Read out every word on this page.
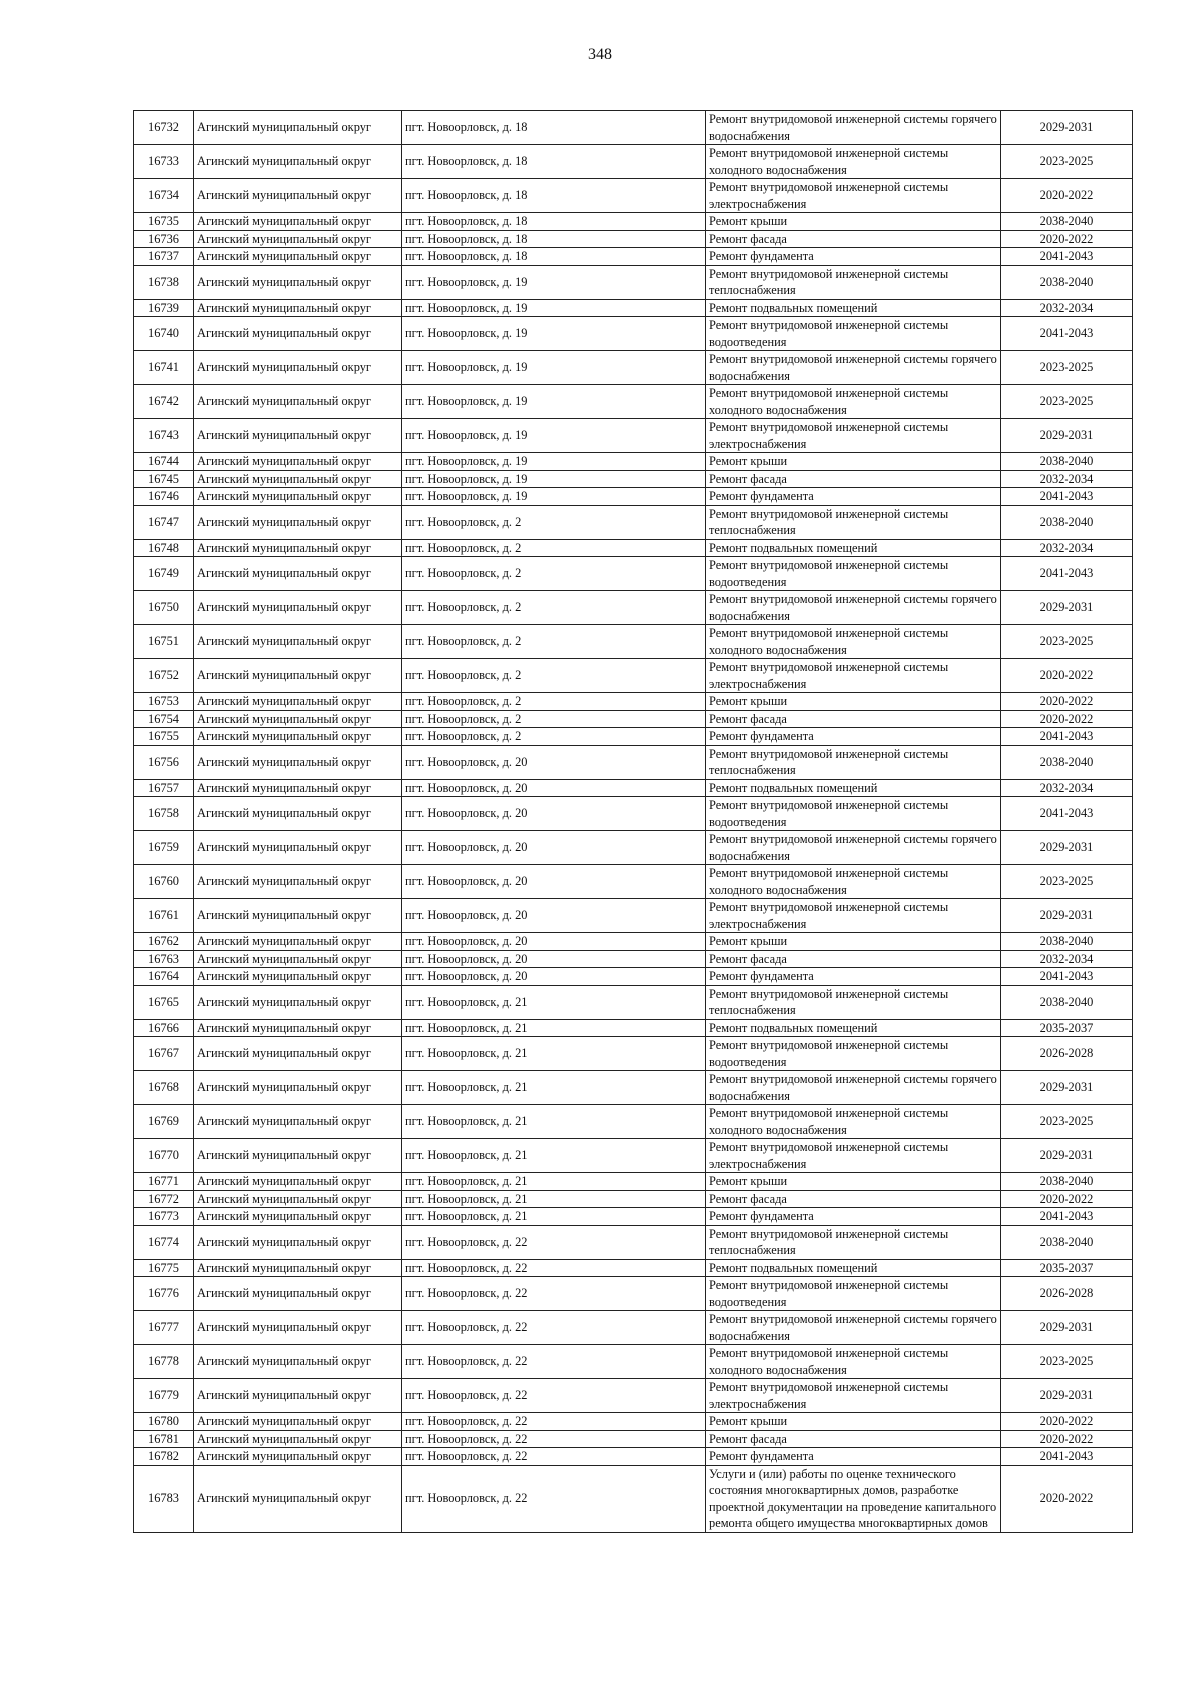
348
16732	Агинский муниципальный округ	пгт. Новоорловск, д. 18	Ремонт внутридомовой инженерной системы горячего водоснабжения	2029-2031
16733	Агинский муниципальный округ	пгт. Новоорловск, д. 18	Ремонт внутридомовой инженерной системы холодного водоснабжения	2023-2025
16734	Агинский муниципальный округ	пгт. Новоорловск, д. 18	Ремонт внутридомовой инженерной системы электроснабжения	2020-2022
16735	Агинский муниципальный округ	пгт. Новоорловск, д. 18	Ремонт крыши	2038-2040
16736	Агинский муниципальный округ	пгт. Новоорловск, д. 18	Ремонт фасада	2020-2022
16737	Агинский муниципальный округ	пгт. Новоорловск, д. 18	Ремонт фундамента	2041-2043
16738	Агинский муниципальный округ	пгт. Новоорловск, д. 19	Ремонт внутридомовой инженерной системы теплоснабжения	2038-2040
16739	Агинский муниципальный округ	пгт. Новоорловск, д. 19	Ремонт подвальных помещений	2032-2034
16740	Агинский муниципальный округ	пгт. Новоорловск, д. 19	Ремонт внутридомовой инженерной системы водоотведения	2041-2043
16741	Агинский муниципальный округ	пгт. Новоорловск, д. 19	Ремонт внутридомовой инженерной системы горячего водоснабжения	2023-2025
16742	Агинский муниципальный округ	пгт. Новоорловск, д. 19	Ремонт внутридомовой инженерной системы холодного водоснабжения	2023-2025
16743	Агинский муниципальный округ	пгт. Новоорловск, д. 19	Ремонт внутридомовой инженерной системы электроснабжения	2029-2031
16744	Агинский муниципальный округ	пгт. Новоорловск, д. 19	Ремонт крыши	2038-2040
16745	Агинский муниципальный округ	пгт. Новоорловск, д. 19	Ремонт фасада	2032-2034
16746	Агинский муниципальный округ	пгт. Новоорловск, д. 19	Ремонт фундамента	2041-2043
16747	Агинский муниципальный округ	пгт. Новоорловск, д. 2	Ремонт внутридомовой инженерной системы теплоснабжения	2038-2040
16748	Агинский муниципальный округ	пгт. Новоорловск, д. 2	Ремонт подвальных помещений	2032-2034
16749	Агинский муниципальный округ	пгт. Новоорловск, д. 2	Ремонт внутридомовой инженерной системы водоотведения	2041-2043
16750	Агинский муниципальный округ	пгт. Новоорловск, д. 2	Ремонт внутридомовой инженерной системы горячего водоснабжения	2029-2031
16751	Агинский муниципальный округ	пгт. Новоорловск, д. 2	Ремонт внутридомовой инженерной системы холодного водоснабжения	2023-2025
16752	Агинский муниципальный округ	пгт. Новоорловск, д. 2	Ремонт внутридомовой инженерной системы электроснабжения	2020-2022
16753	Агинский муниципальный округ	пгт. Новоорловск, д. 2	Ремонт крыши	2020-2022
16754	Агинский муниципальный округ	пгт. Новоорловск, д. 2	Ремонт фасада	2020-2022
16755	Агинский муниципальный округ	пгт. Новоорловск, д. 2	Ремонт фундамента	2041-2043
16756	Агинский муниципальный округ	пгт. Новоорловск, д. 20	Ремонт внутридомовой инженерной системы теплоснабжения	2038-2040
16757	Агинский муниципальный округ	пгт. Новоорловск, д. 20	Ремонт подвальных помещений	2032-2034
16758	Агинский муниципальный округ	пгт. Новоорловск, д. 20	Ремонт внутридомовой инженерной системы водоотведения	2041-2043
16759	Агинский муниципальный округ	пгт. Новоорловск, д. 20	Ремонт внутридомовой инженерной системы горячего водоснабжения	2029-2031
16760	Агинский муниципальный округ	пгт. Новоорловск, д. 20	Ремонт внутридомовой инженерной системы холодного водоснабжения	2023-2025
16761	Агинский муниципальный округ	пгт. Новоорловск, д. 20	Ремонт внутридомовой инженерной системы электроснабжения	2029-2031
16762	Агинский муниципальный округ	пгт. Новоорловск, д. 20	Ремонт крыши	2038-2040
16763	Агинский муниципальный округ	пгт. Новоорловск, д. 20	Ремонт фасада	2032-2034
16764	Агинский муниципальный округ	пгт. Новоорловск, д. 20	Ремонт фундамента	2041-2043
16765	Агинский муниципальный округ	пгт. Новоорловск, д. 21	Ремонт внутридомовой инженерной системы теплоснабжения	2038-2040
16766	Агинский муниципальный округ	пгт. Новоорловск, д. 21	Ремонт подвальных помещений	2035-2037
16767	Агинский муниципальный округ	пгт. Новоорловск, д. 21	Ремонт внутридомовой инженерной системы водоотведения	2026-2028
16768	Агинский муниципальный округ	пгт. Новоорловск, д. 21	Ремонт внутридомовой инженерной системы горячего водоснабжения	2029-2031
16769	Агинский муниципальный округ	пгт. Новоорловск, д. 21	Ремонт внутридомовой инженерной системы холодного водоснабжения	2023-2025
16770	Агинский муниципальный округ	пгт. Новоорловск, д. 21	Ремонт внутридомовой инженерной системы электроснабжения	2029-2031
16771	Агинский муниципальный округ	пгт. Новоорловск, д. 21	Ремонт крыши	2038-2040
16772	Агинский муниципальный округ	пгт. Новоорловск, д. 21	Ремонт фасада	2020-2022
16773	Агинский муниципальный округ	пгт. Новоорловск, д. 21	Ремонт фундамента	2041-2043
16774	Агинский муниципальный округ	пгт. Новоорловск, д. 22	Ремонт внутридомовой инженерной системы теплоснабжения	2038-2040
16775	Агинский муниципальный округ	пгт. Новоорловск, д. 22	Ремонт подвальных помещений	2035-2037
16776	Агинский муниципальный округ	пгт. Новоорловск, д. 22	Ремонт внутридомовой инженерной системы водоотведения	2026-2028
16777	Агинский муниципальный округ	пгт. Новоорловск, д. 22	Ремонт внутридомовой инженерной системы горячего водоснабжения	2029-2031
16778	Агинский муниципальный округ	пгт. Новоорловск, д. 22	Ремонт внутридомовой инженерной системы холодного водоснабжения	2023-2025
16779	Агинский муниципальный округ	пгт. Новоорловск, д. 22	Ремонт внутридомовой инженерной системы электроснабжения	2029-2031
16780	Агинский муниципальный округ	пгт. Новоорловск, д. 22	Ремонт крыши	2020-2022
16781	Агинский муниципальный округ	пгт. Новоорловск, д. 22	Ремонт фасада	2020-2022
16782	Агинский муниципальный округ	пгт. Новоорловск, д. 22	Ремонт фундамента	2041-2043
16783	Агинский муниципальный округ	пгт. Новоорловск, д. 22	Услуги и (или) работы по оценке технического состояния многоквартирных домов, разработке проектной документации на проведение капитального ремонта общего имущества многоквартирных домов	2020-2022
